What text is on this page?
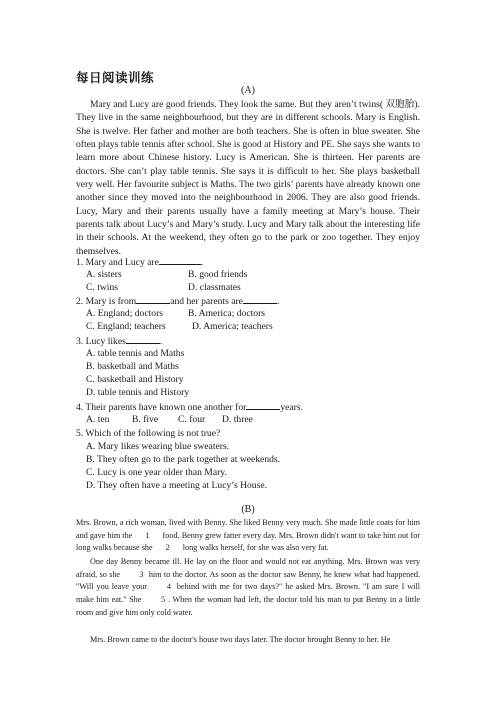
每日阅读训练
(A)

Mary and Lucy are good friends. They look the same. But they aren’t twins( 双胞胎). They live in the same neighbourhood, but they are in different schools. Mary is English. She is twelve. Her father and mother are both teachers. She is often in blue sweater. She often plays table tennis after school. She is good at History and PE. She says she wants to learn more about Chinese history. Lucy is American. She is thirteen. Her parents are doctors. She can’t play table tennis. She says it is difficult to her. She plays basketball very well. Her favourite subject is Maths. The two girls’ parents have already known one another since they moved into the neighbourhood in 2006. They are also good friends. Lucy, Mary and their parents usually have a family meeting at Mary’s house. Their parents talk about Lucy’s and Mary’s study. Lucy and Mary talk about the interesting life in their schools. At the weekend, they often go to the park or zoo together. They enjoy themselves.

1. Mary and Lucy are	.
A. sisters	B. good friends
C. twins	D. classmates
2. Mary is from	and her parents are	.
A. England; doctors	B. America; doctors
C. England; teachers	D. America; teachers
3. Lucy likes	.
A. table tennis and Maths
B. basketball and Maths
C. basketball and History
D. table tennis and History
4. Their parents have known one another for	years.
A. ten B. five C. four D. three
5. Which of the following is not true?
A. Mary likes wearing blue sweaters.
B. They often go to the park together at weekends.
C. Lucy is one year older than Mary.
D. They often have a meeting at Lucy’s House.
(B)

Mrs. Brown, a rich woman, lived with Benny. She liked Benny very much. She made little coats for him and gave him the 1 food. Benny grew fatter every day. Mrs. Brown didn't want to take him out for long walks because she 2 long walks herself, for she was also very fat.

One day Benny became ill. He lay on the floor and would not eat anything. Mrs. Brown was very afraid, so she 3 him to the doctor. As soon as the doctor saw Benny, he knew what had happened. "Will you leave your 4 behind with me for two days?" he asked Mrs. Brown. "I am sure I will make him eat." She 5 . When the woman had left, the doctor told his man to put Benny in a little room and give him only cold water.

Mrs. Brown came to the doctor's house two days later. The doctor brought Benny to her. He
